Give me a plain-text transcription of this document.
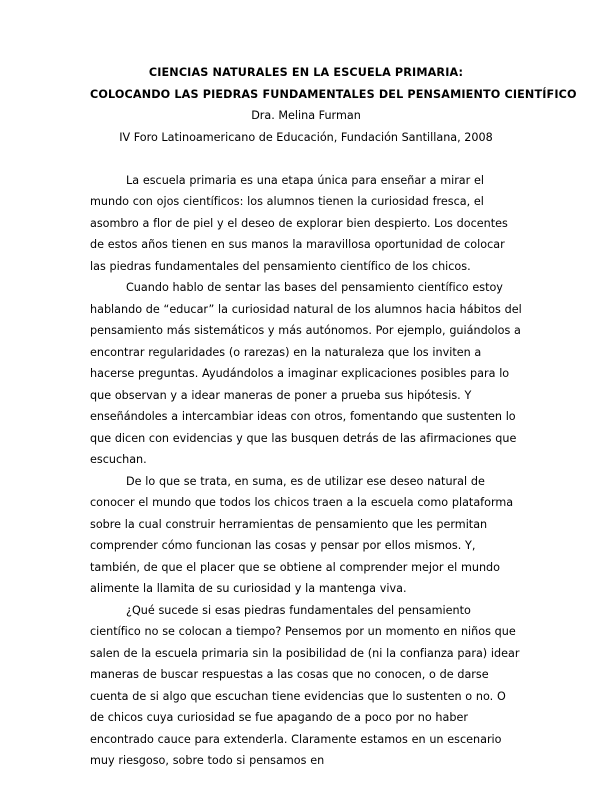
CIENCIAS NATURALES EN LA ESCUELA PRIMARIA:
COLOCANDO LAS PIEDRAS FUNDAMENTALES DEL PENSAMIENTO CIENTÍFICO
Dra. Melina Furman
IV Foro Latinoamericano de Educación, Fundación Santillana, 2008

La escuela primaria es una etapa única para enseñar a mirar el mundo con ojos científicos: los alumnos tienen la curiosidad fresca, el asombro a flor de piel y el deseo de explorar bien despierto. Los docentes de estos años tienen en sus manos la maravillosa oportunidad de colocar las piedras fundamentales del pensamiento científico de los chicos.

Cuando hablo de sentar las bases del pensamiento científico estoy hablando de “educar” la curiosidad natural de los alumnos hacia hábitos del pensamiento más sistemáticos y más autónomos. Por ejemplo, guiándolos a encontrar regularidades (o rarezas) en la naturaleza que los inviten a hacerse preguntas. Ayudándolos a imaginar explicaciones posibles para lo que observan y a idear maneras de poner a prueba sus hipótesis. Y enseñándoles a intercambiar ideas con otros, fomentando que sustenten lo que dicen con evidencias y que las busquen detrás de las afirmaciones que escuchan.

De lo que se trata, en suma, es de utilizar ese deseo natural de conocer el mundo que todos los chicos traen a la escuela como plataforma sobre la cual construir herramientas de pensamiento que les permitan comprender cómo funcionan las cosas y pensar por ellos mismos. Y, también, de que el placer que se obtiene al comprender mejor el mundo alimente la llamita de su curiosidad y la mantenga viva.

¿Qué sucede si esas piedras fundamentales del pensamiento científico no se colocan a tiempo? Pensemos por un momento en niños que salen de la escuela primaria sin la posibilidad de (ni la confianza para) idear maneras de buscar respuestas a las cosas que no conocen, o de darse cuenta de si algo que escuchan tiene evidencias que lo sustenten o no. O de chicos cuya curiosidad se fue apagando de a poco por no haber encontrado cauce para extenderla. Claramente estamos en un escenario muy riesgoso, sobre todo si pensamos en
